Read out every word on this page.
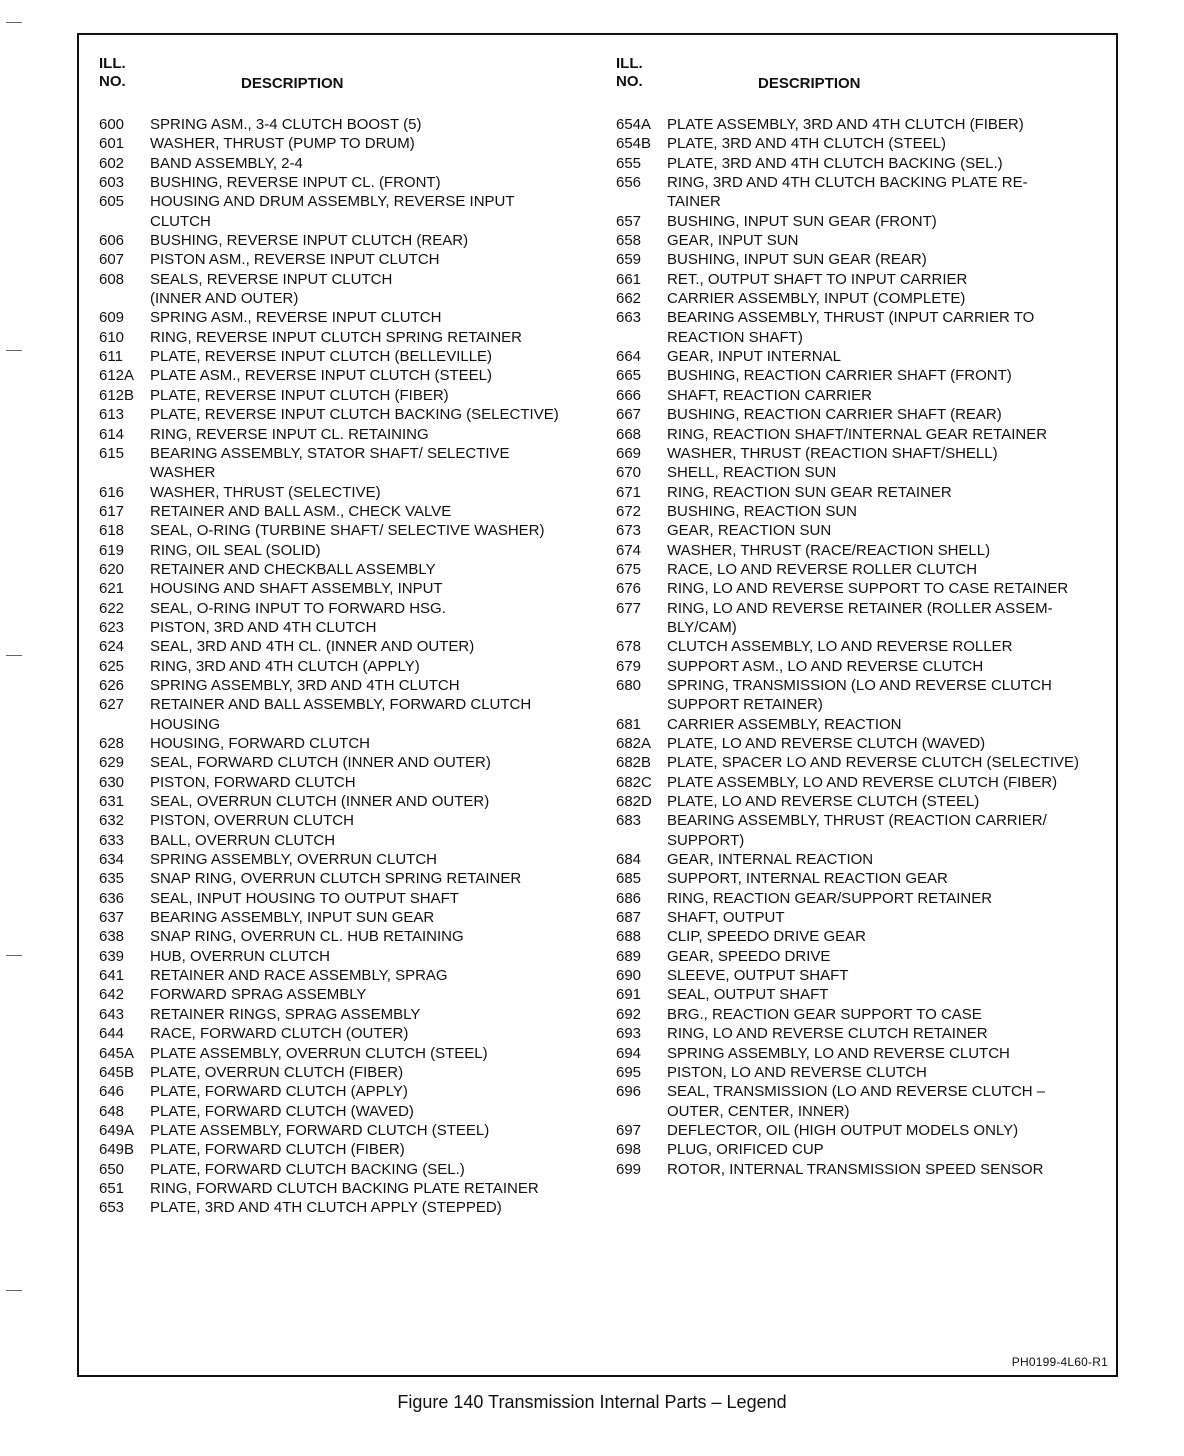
ILL.
NO.	DESCRIPTION
600	SPRING ASM., 3-4 CLUTCH BOOST (5)
601	WASHER, THRUST (PUMP TO DRUM)
602	BAND ASSEMBLY, 2-4
603	BUSHING, REVERSE INPUT CL. (FRONT)
605	HOUSING AND DRUM ASSEMBLY, REVERSE INPUT
CLUTCH
606	BUSHING, REVERSE INPUT CLUTCH (REAR)
607	PISTON ASM., REVERSE INPUT CLUTCH
608	SEALS, REVERSE INPUT CLUTCH
(INNER AND OUTER)
609	SPRING ASM., REVERSE INPUT CLUTCH
610	RING, REVERSE INPUT CLUTCH SPRING RETAINER
611	PLATE, REVERSE INPUT CLUTCH (BELLEVILLE)
612A	PLATE ASM., REVERSE INPUT CLUTCH (STEEL)
612B	PLATE, REVERSE INPUT CLUTCH (FIBER)
613	PLATE, REVERSE INPUT CLUTCH BACKING (SELECTIVE)
614	RING, REVERSE INPUT CL. RETAINING
615	BEARING ASSEMBLY, STATOR SHAFT/ SELECTIVE
WASHER
616	WASHER, THRUST (SELECTIVE)
617	RETAINER AND BALL ASM., CHECK VALVE
618	SEAL, O-RING (TURBINE SHAFT/ SELECTIVE WASHER)
619	RING, OIL SEAL (SOLID)
620	RETAINER AND CHECKBALL ASSEMBLY
621	HOUSING AND SHAFT ASSEMBLY, INPUT
622	SEAL, O-RING INPUT TO FORWARD HSG.
623	PISTON, 3RD AND 4TH CLUTCH
624	SEAL, 3RD AND 4TH CL. (INNER AND OUTER)
625	RING, 3RD AND 4TH CLUTCH (APPLY)
626	SPRING ASSEMBLY, 3RD AND 4TH CLUTCH
627	RETAINER AND BALL ASSEMBLY, FORWARD CLUTCH
HOUSING
628	HOUSING, FORWARD CLUTCH
629	SEAL, FORWARD CLUTCH (INNER AND OUTER)
630	PISTON, FORWARD CLUTCH
631	SEAL, OVERRUN CLUTCH (INNER AND OUTER)
632	PISTON, OVERRUN CLUTCH
633	BALL, OVERRUN CLUTCH
634	SPRING ASSEMBLY, OVERRUN CLUTCH
635	SNAP RING, OVERRUN CLUTCH SPRING RETAINER
636	SEAL, INPUT HOUSING TO OUTPUT SHAFT
637	BEARING ASSEMBLY, INPUT SUN GEAR
638	SNAP RING, OVERRUN CL. HUB RETAINING
639	HUB, OVERRUN CLUTCH
641	RETAINER AND RACE ASSEMBLY, SPRAG
642	FORWARD SPRAG ASSEMBLY
643	RETAINER RINGS, SPRAG ASSEMBLY
644	RACE, FORWARD CLUTCH (OUTER)
645A	PLATE ASSEMBLY, OVERRUN CLUTCH (STEEL)
645B	PLATE, OVERRUN CLUTCH (FIBER)
646	PLATE, FORWARD CLUTCH (APPLY)
648	PLATE, FORWARD CLUTCH (WAVED)
649A	PLATE ASSEMBLY, FORWARD CLUTCH (STEEL)
649B	PLATE, FORWARD CLUTCH (FIBER)
650	PLATE, FORWARD CLUTCH BACKING (SEL.)
651	RING, FORWARD CLUTCH BACKING PLATE RETAINER
653	PLATE, 3RD AND 4TH CLUTCH APPLY (STEPPED)
ILL.
NO.	DESCRIPTION
654A	PLATE ASSEMBLY, 3RD AND 4TH CLUTCH (FIBER)
654B	PLATE, 3RD AND 4TH CLUTCH (STEEL)
655	PLATE, 3RD AND 4TH CLUTCH BACKING (SEL.)
656	RING, 3RD AND 4TH CLUTCH BACKING PLATE RE-
TAINER
657	BUSHING, INPUT SUN GEAR (FRONT)
658	GEAR, INPUT SUN
659	BUSHING, INPUT SUN GEAR (REAR)
661	RET., OUTPUT SHAFT TO INPUT CARRIER
662	CARRIER ASSEMBLY, INPUT (COMPLETE)
663	BEARING ASSEMBLY, THRUST (INPUT CARRIER TO
REACTION SHAFT)
664	GEAR, INPUT INTERNAL
665	BUSHING, REACTION CARRIER SHAFT (FRONT)
666	SHAFT, REACTION CARRIER
667	BUSHING, REACTION CARRIER SHAFT (REAR)
668	RING, REACTION SHAFT/INTERNAL GEAR RETAINER
669	WASHER, THRUST (REACTION SHAFT/SHELL)
670	SHELL, REACTION SUN
671	RING, REACTION SUN GEAR RETAINER
672	BUSHING, REACTION SUN
673	GEAR, REACTION SUN
674	WASHER, THRUST (RACE/REACTION SHELL)
675	RACE, LO AND REVERSE ROLLER CLUTCH
676	RING, LO AND REVERSE SUPPORT TO CASE RETAINER
677	RING, LO AND REVERSE RETAINER (ROLLER ASSEM-
BLY/CAM)
678	CLUTCH ASSEMBLY, LO AND REVERSE ROLLER
679	SUPPORT ASM., LO AND REVERSE CLUTCH
680	SPRING, TRANSMISSION (LO AND REVERSE CLUTCH
SUPPORT RETAINER)
681	CARRIER ASSEMBLY, REACTION
682A	PLATE, LO AND REVERSE CLUTCH (WAVED)
682B	PLATE, SPACER LO AND REVERSE CLUTCH (SELECTIVE)
682C	PLATE ASSEMBLY, LO AND REVERSE CLUTCH (FIBER)
682D	PLATE, LO AND REVERSE CLUTCH (STEEL)
683	BEARING ASSEMBLY, THRUST (REACTION CARRIER/
SUPPORT)
684	GEAR, INTERNAL REACTION
685	SUPPORT, INTERNAL REACTION GEAR
686	RING, REACTION GEAR/SUPPORT RETAINER
687	SHAFT, OUTPUT
688	CLIP, SPEEDO DRIVE GEAR
689	GEAR, SPEEDO DRIVE
690	SLEEVE, OUTPUT SHAFT
691	SEAL, OUTPUT SHAFT
692	BRG., REACTION GEAR SUPPORT TO CASE
693	RING, LO AND REVERSE CLUTCH RETAINER
694	SPRING ASSEMBLY, LO AND REVERSE CLUTCH
695	PISTON, LO AND REVERSE CLUTCH
696	SEAL, TRANSMISSION (LO AND REVERSE CLUTCH –
OUTER, CENTER, INNER)
697	DEFLECTOR, OIL (HIGH OUTPUT MODELS ONLY)
698	PLUG, ORIFICED CUP
699	ROTOR, INTERNAL TRANSMISSION SPEED SENSOR
PH0199-4L60-R1
Figure 140 Transmission Internal Parts – Legend
